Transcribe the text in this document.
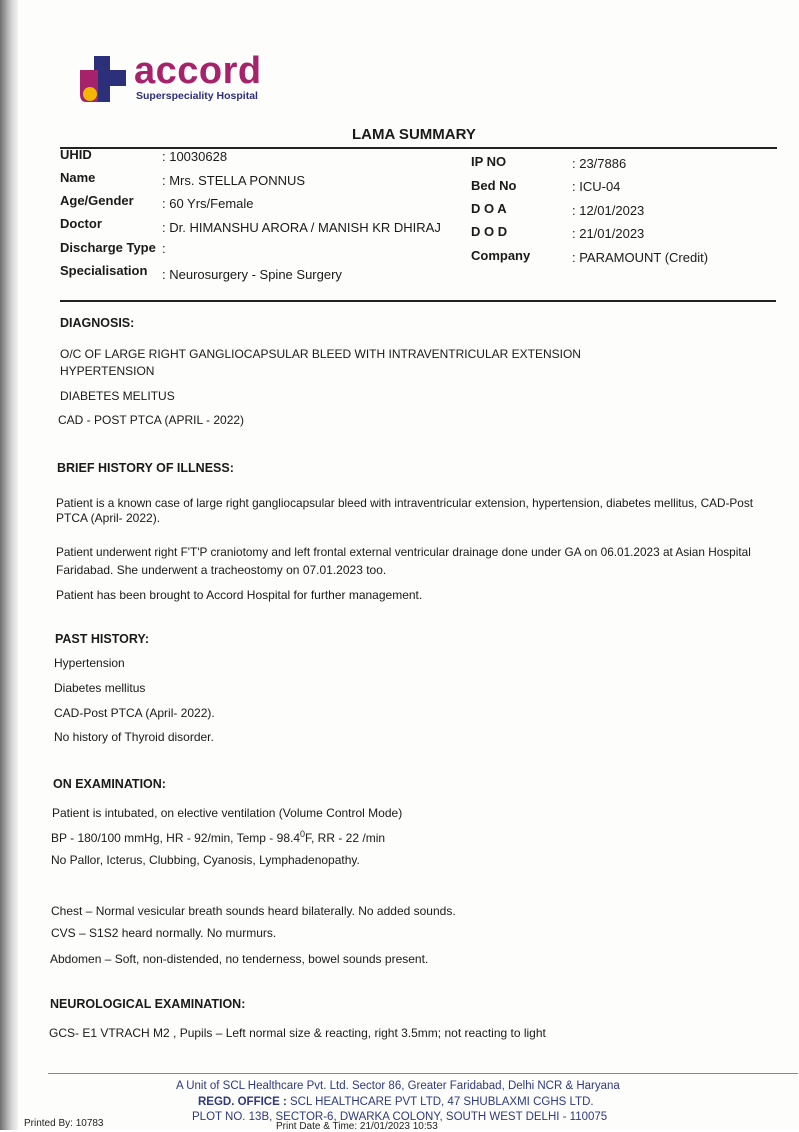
accord
Superspeciality Hospital
LAMA SUMMARY
UHID	: 10030628
Name	: Mrs. STELLA PONNUS
Age/Gender : 60 Yrs/Female
Doctor	: Dr. HIMANSHU ARORA / MANISH KR DHIRAJ
Discharge Type :
Specialisation : Neurosurgery - Spine Surgery
IP NO	: 23/7886
Bed No	: ICU-04
D O A	: 12/01/2023
D O D	: 21/01/2023
Company	: PARAMOUNT (Credit)
DIAGNOSIS:
O/C OF LARGE RIGHT GANGLIOCAPSULAR BLEED WITH INTRAVENTRICULAR EXTENSION
HYPERTENSION
DIABETES MELITUS
CAD - POST PTCA (APRIL - 2022)
BRIEF HISTORY OF ILLNESS:
Patient is a known case of large right gangliocapsular bleed with intraventricular extension, hypertension, diabetes mellitus, CAD-Post
PTCA (April- 2022).
Patient underwent right F'T'P craniotomy and left frontal external ventricular drainage done under GA on 06.01.2023 at Asian Hospital
Faridabad. She underwent a tracheostomy on 07.01.2023 too.
Patient has been brought to Accord Hospital for further management.
PAST HISTORY:
Hypertension
Diabetes mellitus
CAD-Post PTCA (April- 2022).
No history of Thyroid disorder.
ON EXAMINATION:
Patient is intubated, on elective ventilation (Volume Control Mode)
BP - 180/100 mmHg, HR - 92/min, Temp - 98.4$^0$F, RR - 22 /min
No Pallor, Icterus, Clubbing, Cyanosis, Lymphadenopathy.
Chest – Normal vesicular breath sounds heard bilaterally. No added sounds.
CVS – S1S2 heard normally. No murmurs.
Abdomen – Soft, non-distended, no tenderness, bowel sounds present.
NEUROLOGICAL EXAMINATION:
GCS- E1 VTRACH M2 , Pupils – Left normal size & reacting, right 3.5mm; not reacting to light
A Unit of SCL Healthcare Pvt. Ltd. Sector 86, Greater Faridabad, Delhi NCR & Haryana
REGD. OFFICE : SCL HEALTHCARE PVT LTD, 47 SHUBLAXMI CGHS LTD.
PLOT NO. 13B, SECTOR-6, DWARKA COLONY, SOUTH WEST DELHI - 110075
Printed By: 10783	Print Date & Time: 21/01/2023 10:53
